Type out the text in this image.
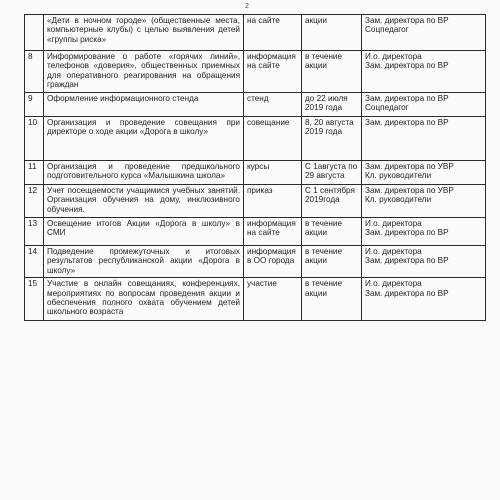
2
	«Дети в ночном городе» (общественные места, компьютерные клубы) с целью выявления детей «группы риска»	на сайте	акции	Зам. директора по ВР
Соцпедагог

8	Информирование о работе «горячих линий», телефонов «доверия», общественных приемных для оперативного реагирования на обращения граждан	информация на сайте	в течение акции	И.о. директора
Зам. директора по ВР

9	Оформление информационного стенда	стенд	до 22 июля 2019 года	Зам. директора по ВР
Соцпедагог

10	Организация и проведение совещания при директоре о ходе акции «Дорога в школу»	совещание	8, 20 августа 2019 года	Зам. директора по ВР

11	Организация и проведение предшкольного подготовительного курса «Малышкина школа»	курсы	С 1августа по 29 августа	Зам. директора по УВР
Кл. руководители

12	Учет посещаемости учащимися учебных занятий. Организация обучения на дому, инклюзивного обучения.	приказ	С 1 сентября 2019года	Зам. директора по УВР
Кл. руководители

13	Освещение итогов Акции «Дорога в школу» в СМИ	информация на сайте	в течение акции	И.о. директора
Зам. директора по ВР

14	Подведение промежуточных и итоговых результатов республиканской акции «Дорога в школу»	информация в ОО города	в течение акции	И.о. директора
Зам. директора по ВР

15	Участие в онлайн совещаниях, конференциях, мероприятиях по вопросам проведения акции и обеспечения полного охвата обучением детей школьного возраста	участие	в течение акции	И.о. директора
Зам. директора по ВР
